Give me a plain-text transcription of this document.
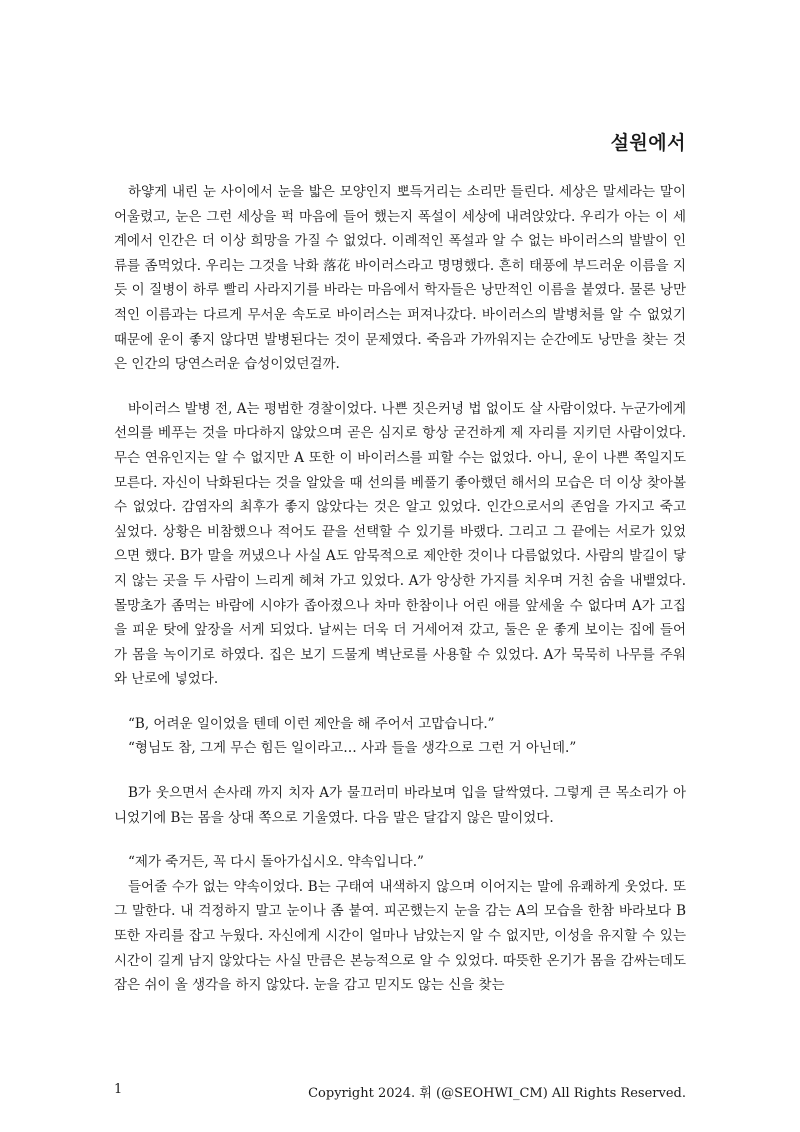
설원에서

하얗게 내린 눈 사이에서 눈을 밟은 모양인지 뽀득거리는 소리만 들린다. 세상은 말세라는 말이 어울렸고, 눈은 그런 세상을 퍽 마음에 들어 했는지 폭설이 세상에 내려앉았다. 우리가 아는 이 세계에서 인간은 더 이상 희망을 가질 수 없었다. 이례적인 폭설과 알 수 없는 바이러스의 발발이 인류를 좀먹었다. 우리는 그것을 낙화 落花 바이러스라고 명명했다. 흔히 태풍에 부드러운 이름을 지듯 이 질병이 하루 빨리 사라지기를 바라는 마음에서 학자들은 낭만적인 이름을 붙였다. 물론 낭만적인 이름과는 다르게 무서운 속도로 바이러스는 퍼져나갔다. 바이러스의 발병처를 알 수 없었기 때문에 운이 좋지 않다면 발병된다는 것이 문제였다. 죽음과 가까워지는 순간에도 낭만을 찾는 것은 인간의 당연스러운 습성이었던걸까.

바이러스 발병 전, A는 평범한 경찰이었다. 나쁜 짓은커녕 법 없이도 살 사람이었다. 누군가에게 선의를 베푸는 것을 마다하지 않았으며 곧은 심지로 항상 굳건하게 제 자리를 지키던 사람이었다. 무슨 연유인지는 알 수 없지만 A 또한 이 바이러스를 피할 수는 없었다. 아니, 운이 나쁜 쪽일지도 모른다. 자신이 낙화된다는 것을 알았을 때 선의를 베풀기 좋아했던 해서의 모습은 더 이상 찾아볼 수 없었다. 감염자의 최후가 좋지 않았다는 것은 알고 있었다. 인간으로서의 존엄을 가지고 죽고 싶었다. 상황은 비참했으나 적어도 끝을 선택할 수 있기를 바랬다. 그리고 그 끝에는 서로가 있었으면 했다. B가 말을 꺼냈으나 사실 A도 암묵적으로 제안한 것이나 다름없었다. 사람의 발길이 닿지 않는 곳을 두 사람이 느리게 헤쳐 가고 있었다. A가 앙상한 가지를 치우며 거친 숨을 내뱉었다. 몰망초가 좀먹는 바람에 시야가 좁아졌으나 차마 한참이나 어린 애를 앞세울 수 없다며 A가 고집을 피운 탓에 앞장을 서게 되었다. 날씨는 더욱 더 거세어져 갔고, 둘은 운 좋게 보이는 집에 들어가 몸을 녹이기로 하였다. 집은 보기 드물게 벽난로를 사용할 수 있었다. A가 묵묵히 나무를 주워와 난로에 넣었다.

“B, 어려운 일이었을 텐데 이런 제안을 해 주어서 고맙습니다.”

“형님도 참, 그게 무슨 힘든 일이라고… 사과 들을 생각으로 그런 거 아닌데.”

B가 웃으면서 손사래 까지 치자 A가 물끄러미 바라보며 입을 달싹였다. 그렇게 큰 목소리가 아니었기에 B는 몸을 상대 쪽으로 기울였다. 다음 말은 달갑지 않은 말이었다.

“제가 죽거든, 꼭 다시 돌아가십시오. 약속입니다.”

들어줄 수가 없는 약속이었다. B는 구태여 내색하지 않으며 이어지는 말에 유쾌하게 웃었다. 또 그 말한다. 내 걱정하지 말고 눈이나 좀 붙여. 피곤했는지 눈을 감는 A의 모습을 한참 바라보다 B 또한 자리를 잡고 누웠다. 자신에게 시간이 얼마나 남았는지 알 수 없지만, 이성을 유지할 수 있는 시간이 길게 남지 않았다는 사실 만큼은 본능적으로 알 수 있었다. 따뜻한 온기가 몸을 감싸는데도 잠은 쉬이 올 생각을 하지 않았다. 눈을 감고 믿지도 않는 신을 찾는

1	Copyright 2024. 휘 (@SEOHWI_CM) All Rights Reserved.
